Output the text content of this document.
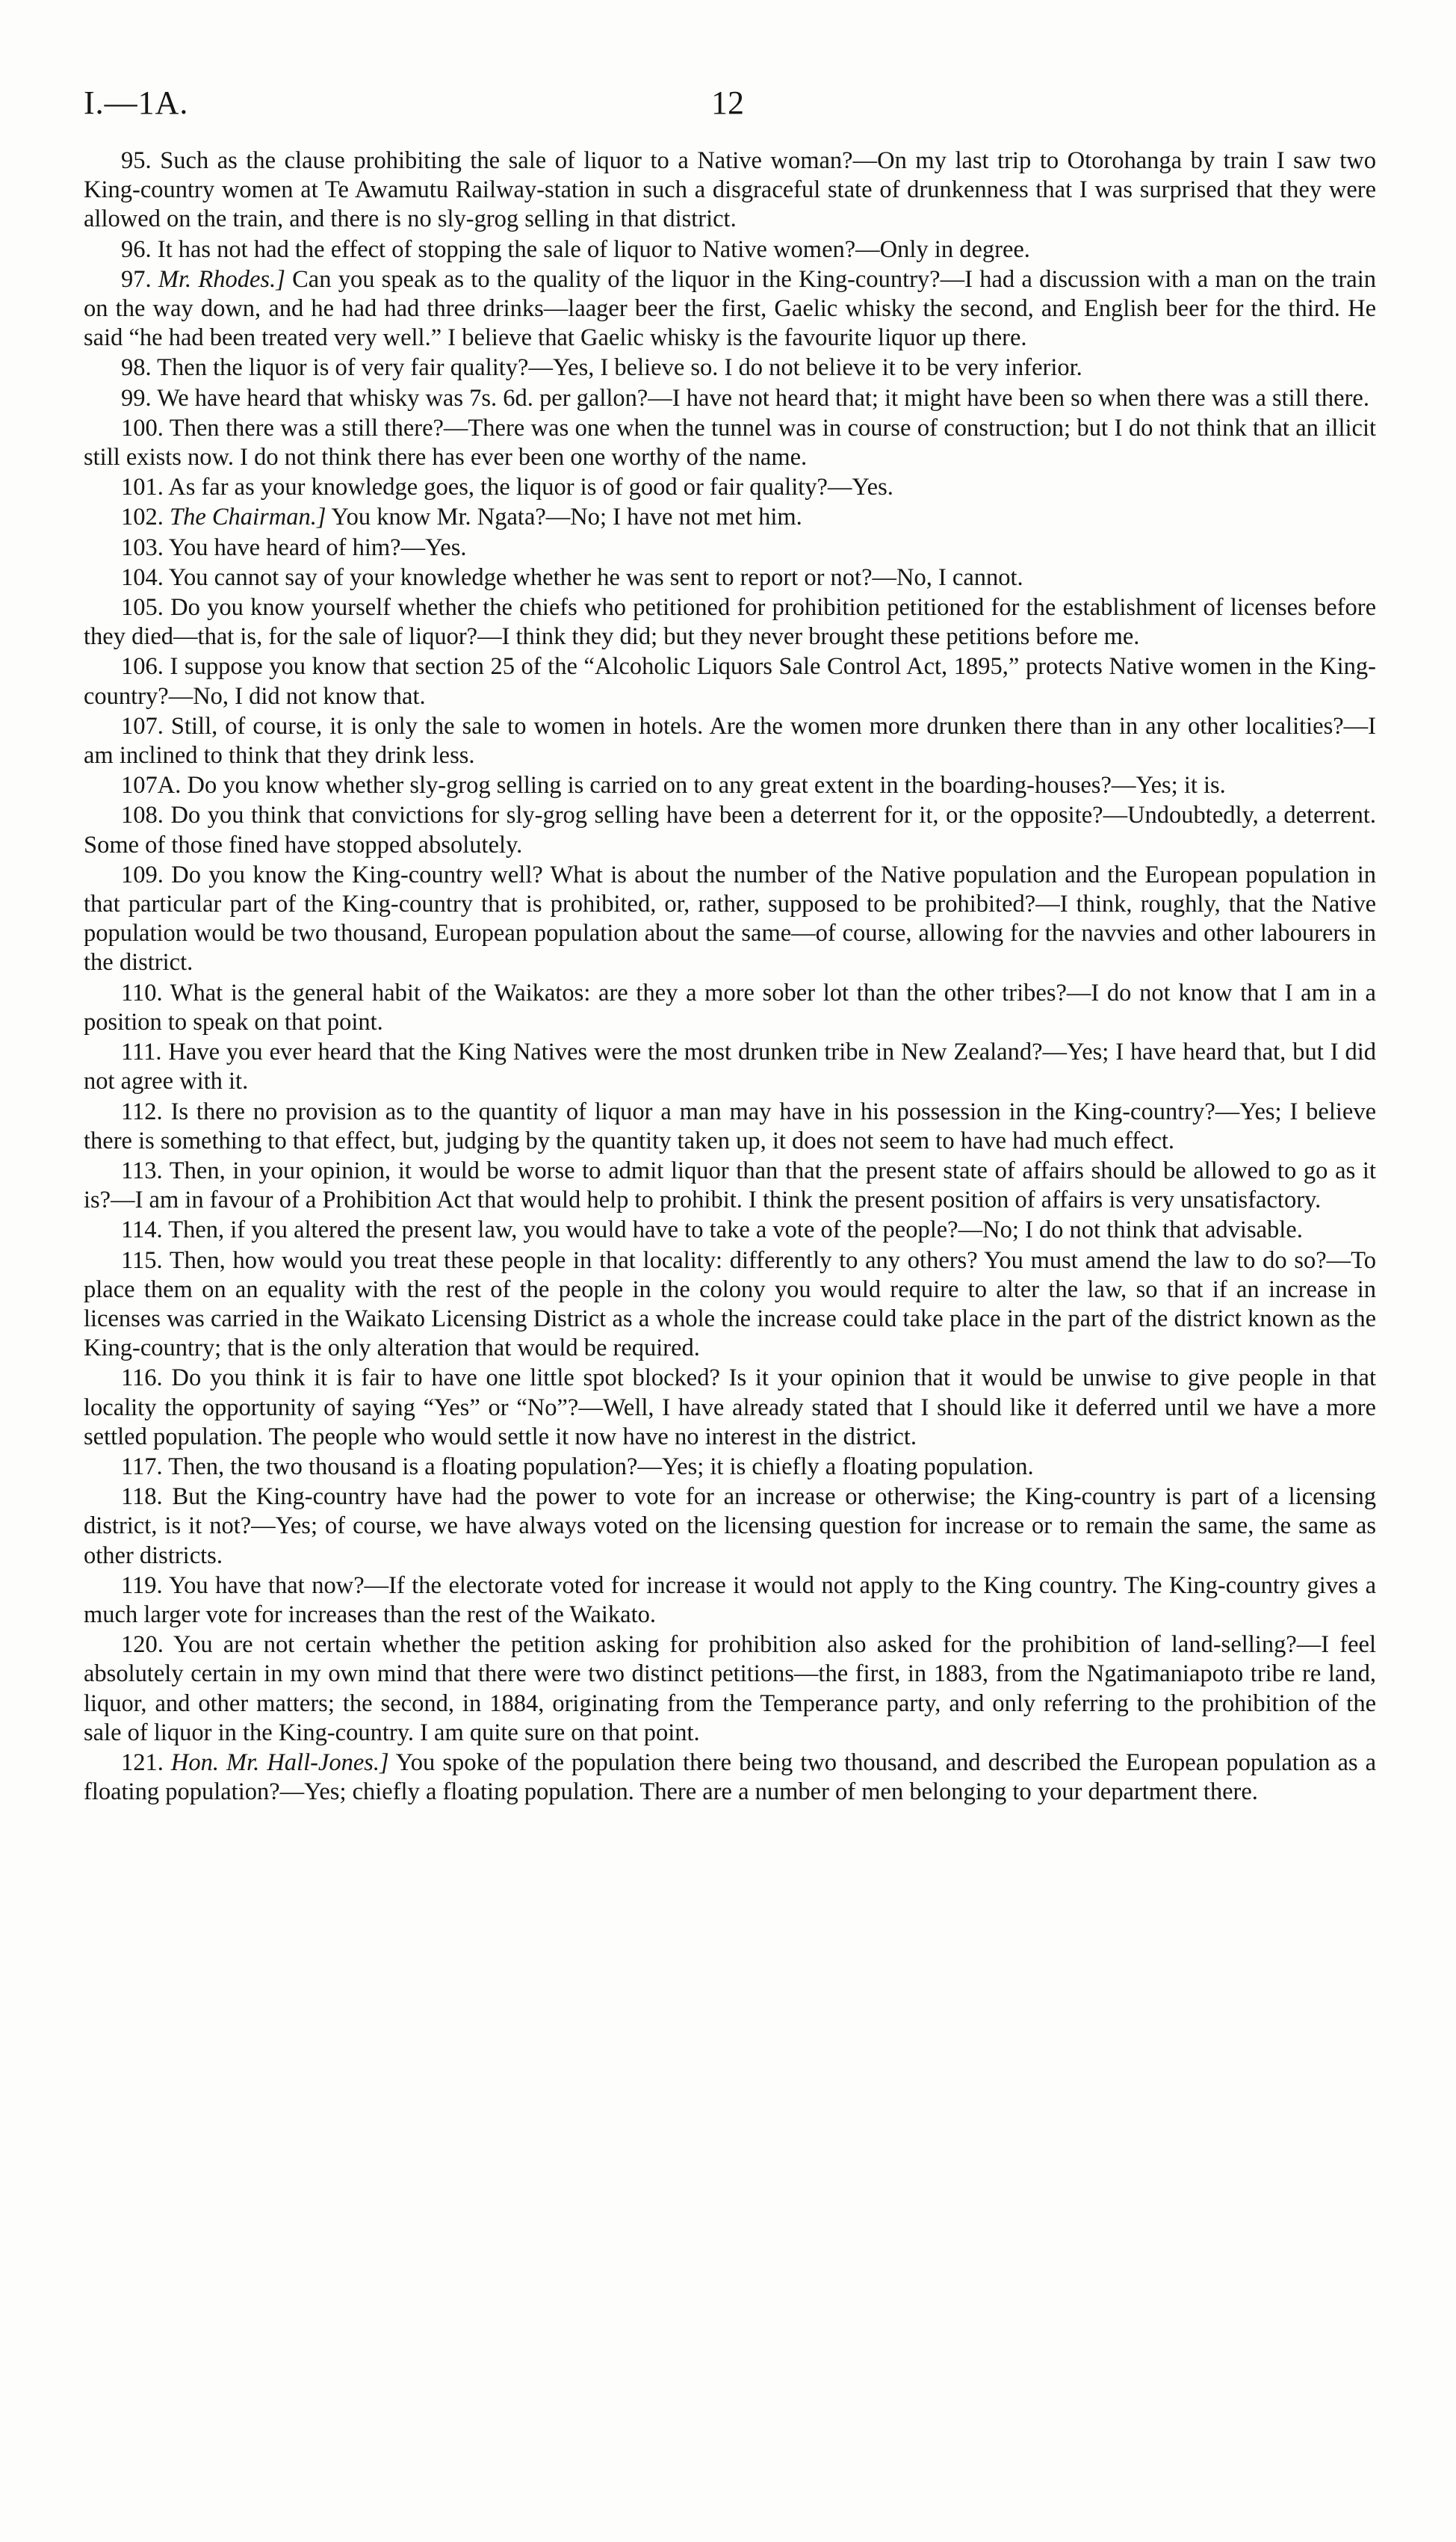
I.—1A.	12

95. Such as the clause prohibiting the sale of liquor to a Native woman?—On my last trip to Otorohanga by train I saw two King-country women at Te Awamutu Railway-station in such a disgraceful state of drunkenness that I was surprised that they were allowed on the train, and there is no sly-grog selling in that district.

96. It has not had the effect of stopping the sale of liquor to Native women?—Only in degree.

97. Mr. Rhodes.] Can you speak as to the quality of the liquor in the King-country?—I had a discussion with a man on the train on the way down, and he had had three drinks—laager beer the first, Gaelic whisky the second, and English beer for the third. He said “he had been treated very well.” I believe that Gaelic whisky is the favourite liquor up there.

98. Then the liquor is of very fair quality?—Yes, I believe so. I do not believe it to be very inferior.

99. We have heard that whisky was 7s. 6d. per gallon?—I have not heard that; it might have been so when there was a still there.

100. Then there was a still there?—There was one when the tunnel was in course of construction; but I do not think that an illicit still exists now. I do not think there has ever been one worthy of the name.

101. As far as your knowledge goes, the liquor is of good or fair quality?—Yes.

102. The Chairman.] You know Mr. Ngata?—No; I have not met him.

103. You have heard of him?—Yes.

104. You cannot say of your knowledge whether he was sent to report or not?—No, I cannot.

105. Do you know yourself whether the chiefs who petitioned for prohibition petitioned for the establishment of licenses before they died—that is, for the sale of liquor?—I think they did; but they never brought these petitions before me.

106. I suppose you know that section 25 of the “Alcoholic Liquors Sale Control Act, 1895,” protects Native women in the King-country?—No, I did not know that.

107. Still, of course, it is only the sale to women in hotels. Are the women more drunken there than in any other localities?—I am inclined to think that they drink less.

107A. Do you know whether sly-grog selling is carried on to any great extent in the boarding-houses?—Yes; it is.

108. Do you think that convictions for sly-grog selling have been a deterrent for it, or the opposite?—Undoubtedly, a deterrent. Some of those fined have stopped absolutely.

109. Do you know the King-country well? What is about the number of the Native population and the European population in that particular part of the King-country that is prohibited, or, rather, supposed to be prohibited?—I think, roughly, that the Native population would be two thousand, European population about the same—of course, allowing for the navvies and other labourers in the district.

110. What is the general habit of the Waikatos: are they a more sober lot than the other tribes?—I do not know that I am in a position to speak on that point.

111. Have you ever heard that the King Natives were the most drunken tribe in New Zealand?—Yes; I have heard that, but I did not agree with it.

112. Is there no provision as to the quantity of liquor a man may have in his possession in the King-country?—Yes; I believe there is something to that effect, but, judging by the quantity taken up, it does not seem to have had much effect.

113. Then, in your opinion, it would be worse to admit liquor than that the present state of affairs should be allowed to go as it is?—I am in favour of a Prohibition Act that would help to prohibit. I think the present position of affairs is very unsatisfactory.

114. Then, if you altered the present law, you would have to take a vote of the people?—No; I do not think that advisable.

115. Then, how would you treat these people in that locality: differently to any others? You must amend the law to do so?—To place them on an equality with the rest of the people in the colony you would require to alter the law, so that if an increase in licenses was carried in the Waikato Licensing District as a whole the increase could take place in the part of the district known as the King-country; that is the only alteration that would be required.

116. Do you think it is fair to have one little spot blocked? Is it your opinion that it would be unwise to give people in that locality the opportunity of saying “Yes” or “No”?—Well, I have already stated that I should like it deferred until we have a more settled population. The people who would settle it now have no interest in the district.

117. Then, the two thousand is a floating population?—Yes; it is chiefly a floating population.

118. But the King-country have had the power to vote for an increase or otherwise; the King-country is part of a licensing district, is it not?—Yes; of course, we have always voted on the licensing question for increase or to remain the same, the same as other districts.

119. You have that now?—If the electorate voted for increase it would not apply to the King country. The King-country gives a much larger vote for increases than the rest of the Waikato.

120. You are not certain whether the petition asking for prohibition also asked for the prohibition of land-selling?—I feel absolutely certain in my own mind that there were two distinct petitions—the first, in 1883, from the Ngatimaniapoto tribe re land, liquor, and other matters; the second, in 1884, originating from the Temperance party, and only referring to the prohibition of the sale of liquor in the King-country. I am quite sure on that point.

121. Hon. Mr. Hall-Jones.] You spoke of the population there being two thousand, and described the European population as a floating population?—Yes; chiefly a floating population. There are a number of men belonging to your department there.
